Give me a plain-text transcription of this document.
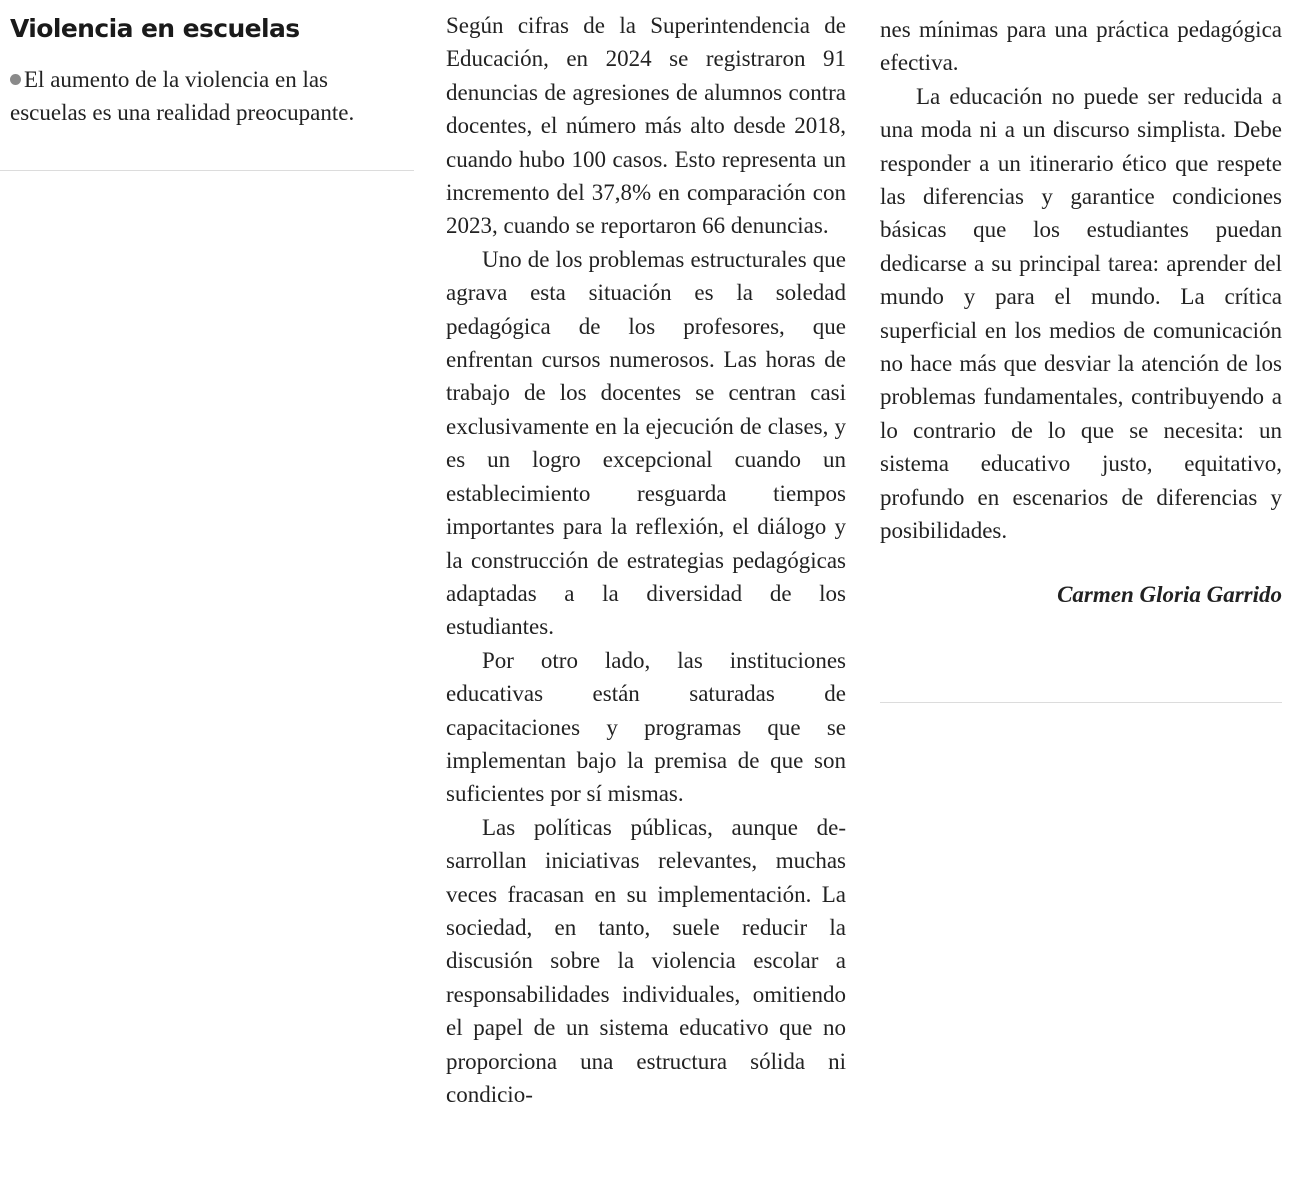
Violencia en escuelas
El aumento de la violencia en las escuelas es una realidad preocupante.

Según cifras de la Superintendencia de Educación, en 2024 se registraron 91 denuncias de agresiones de alumnos contra docentes, el número más alto desde 2018, cuando hubo 100 casos. Esto representa un incremento del 37,8% en comparación con 2023, cuando se reportaron 66 denuncias.

Uno de los problemas estructurales que agrava esta situación es la soledad pedagógica de los profesores, que enfrentan cursos numerosos. Las horas de trabajo de los docentes se centran casi exclusivamente en la ejecución de clases, y es un logro excepcional cuando un establecimiento resguarda tiempos importantes para la reflexión, el diálogo y la construcción de estrategias pedagógicas adaptadas a la diversidad de los estudiantes.

Por otro lado, las instituciones educativas están saturadas de capacitaciones y programas que se implementan bajo la premisa de que son suficientes por sí mismas.

Las políticas públicas, aunque desarrollan iniciativas relevantes, muchas veces fracasan en su implementación. La sociedad, en tanto, suele reducir la discusión sobre la violencia escolar a responsabilidades individuales, omitiendo el papel de un sistema educativo que no proporciona una estructura sólida ni condicio-

nes mínimas para una práctica pedagógica efectiva.

La educación no puede ser reducida a una moda ni a un discurso simplista. Debe responder a un itinerario ético que respete las diferencias y garantice condiciones básicas que los estudiantes puedan dedicarse a su principal tarea: aprender del mundo y para el mundo. La crítica superficial en los medios de comunicación no hace más que desviar la atención de los problemas fundamentales, contribuyendo a lo contrario de lo que se necesita: un sistema educativo justo, equitativo, profundo en escenarios de diferencias y posibilidades.

Carmen Gloria Garrido
